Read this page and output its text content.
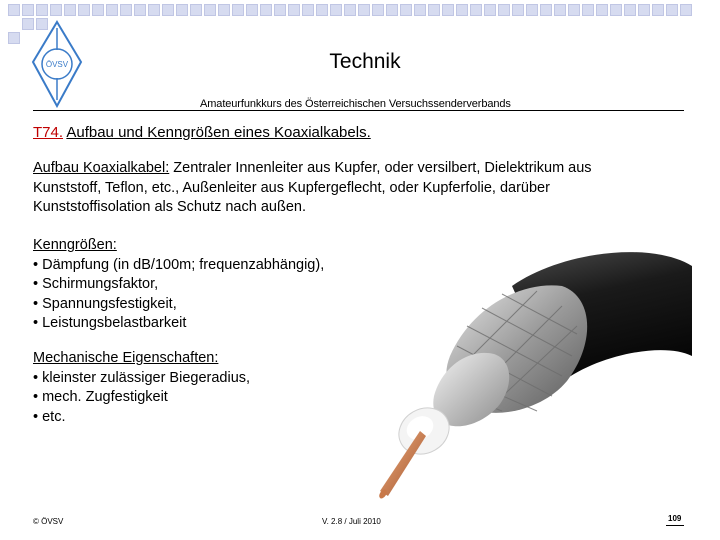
ÖVSV	Technik
Amateurfunkkurs des Österreichischen Versuchssenderverbands
T74. Aufbau und Kenngrößen eines Koaxialkabels.
Aufbau Koaxialkabel: Zentraler Innenleiter aus Kupfer, oder versilbert, Dielektrikum aus Kunststoff, Teflon, etc., Außenleiter aus Kupfergeflecht, oder Kupferfolie, darüber Kunststoffisolation als Schutz nach außen.
Kenngrößen:
• Dämpfung (in dB/100m; frequenzabhängig),
• Schirmungsfaktor,
• Spannungsfestigkeit,
• Leistungsbelastbarkeit
Mechanische Eigenschaften:
• kleinster zulässiger Biegeradius,
• mech. Zugfestigkeit
• etc.
© ÖVSV	V. 2.8 / Juli 2010	109
